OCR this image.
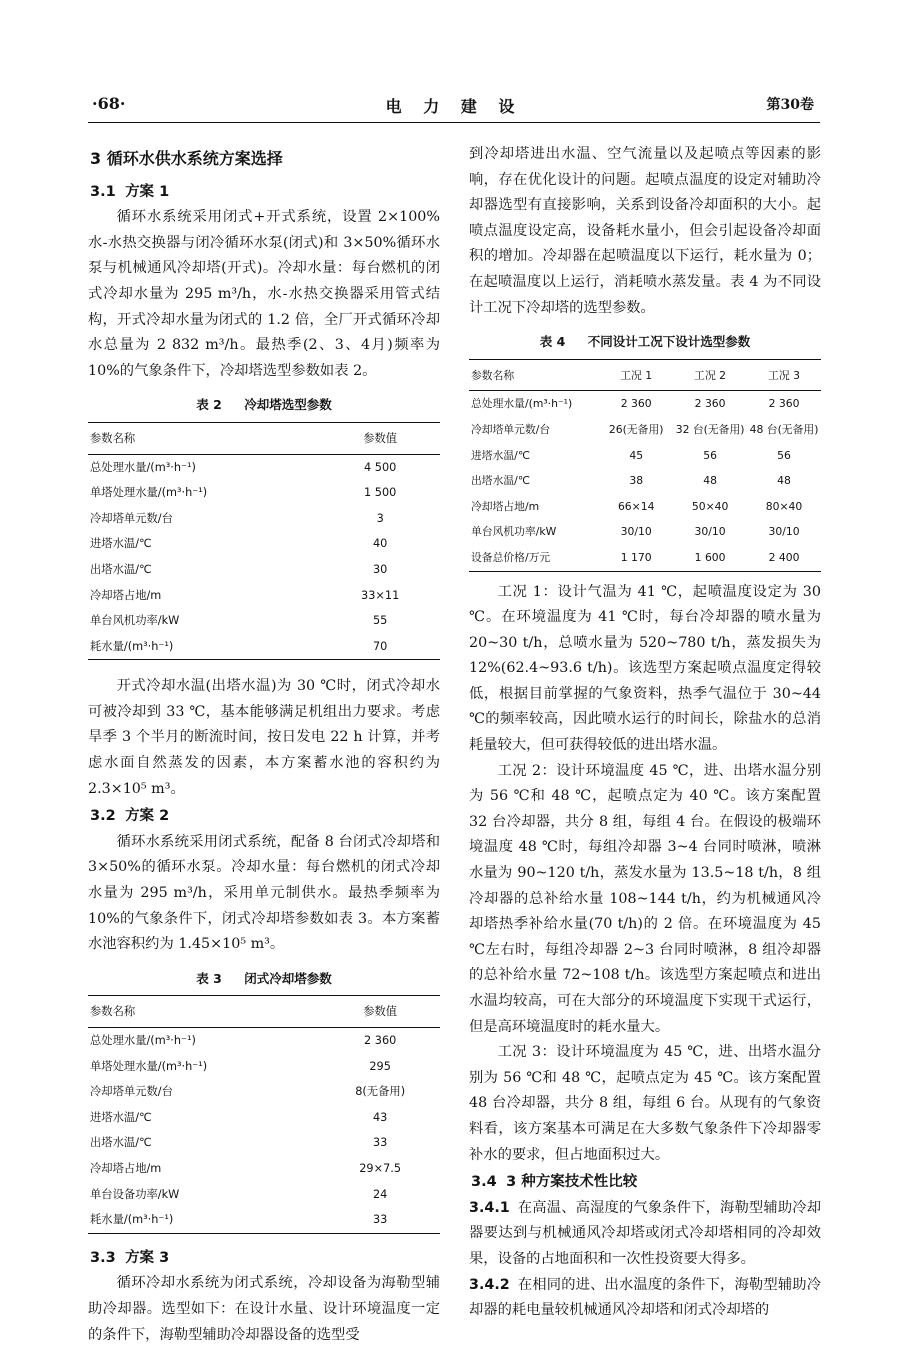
·68·	电 力 建 设	第30卷
3 循环水供水系统方案选择
3.1 方案 1

循环水系统采用闭式+开式系统，设置 2×100% 水-水热交换器与闭冷循环水泵(闭式)和 3×50%循环水泵与机械通风冷却塔(开式)。冷却水量：每台燃机的闭式冷却水量为 295 m³/h，水-水热交换器采用管式结构，开式冷却水量为闭式的 1.2 倍，全厂开式循环冷却水总量为 2 832 m³/h。最热季(2、3、4月)频率为 10%的气象条件下，冷却塔选型参数如表 2。

表 2 冷却塔选型参数
参数名称	参数值
总处理水量/(m³·h⁻¹)	4 500
单塔处理水量/(m³·h⁻¹)	1 500
冷却塔单元数/台	3
进塔水温/℃	40
出塔水温/℃	30
冷却塔占地/m	33×11
单台风机功率/kW	55
耗水量/(m³·h⁻¹)	70

开式冷却水温(出塔水温)为 30 ℃时，闭式冷却水可被冷却到 33 ℃，基本能够满足机组出力要求。考虑旱季 3 个半月的断流时间，按日发电 22 h 计算，并考虑水面自然蒸发的因素，本方案蓄水池的容积约为 2.3×10⁵ m³。

3.2 方案 2

循环水系统采用闭式系统，配备 8 台闭式冷却塔和 3×50%的循环水泵。冷却水量：每台燃机的闭式冷却水量为 295 m³/h，采用单元制供水。最热季频率为 10%的气象条件下，闭式冷却塔参数如表 3。本方案蓄水池容积约为 1.45×10⁵ m³。

表 3 闭式冷却塔参数
参数名称	参数值
总处理水量/(m³·h⁻¹)	2 360
单塔处理水量/(m³·h⁻¹)	295
冷却塔单元数/台	8(无备用)
进塔水温/℃	43
出塔水温/℃	33
冷却塔占地/m	29×7.5
单台设备功率/kW	24
耗水量/(m³·h⁻¹)	33
3.3 方案 3

循环冷却水系统为闭式系统，冷却设备为海勒型辅助冷却器。选型如下：在设计水量、设计环境温度一定的条件下，海勒型辅助冷却器设备的选型受

到冷却塔进出水温、空气流量以及起喷点等因素的影响，存在优化设计的问题。起喷点温度的设定对辅助冷却器选型有直接影响，关系到设备冷却面积的大小。起喷点温度设定高，设备耗水量小，但会引起设备冷却面积的增加。冷却器在起喷温度以下运行，耗水量为 0；在起喷温度以上运行，消耗喷水蒸发量。表 4 为不同设计工况下冷却塔的选型参数。

表 4 不同设计工况下设计选型参数
参数名称	工况 1	工况 2	工况 3
总处理水量/(m³·h⁻¹)	2 360	2 360	2 360
冷却塔单元数/台	26(无备用)	32 台(无备用)	48 台(无备用)
进塔水温/℃	45	56	56
出塔水温/℃	38	48	48
冷却塔占地/m	66×14	50×40	80×40
单台风机功率/kW	30/10	30/10	30/10
设备总价格/万元	1 170	1 600	2 400

工况 1：设计气温为 41 ℃，起喷温度设定为 30 ℃。在环境温度为 41 ℃时，每台冷却器的喷水量为 20~30 t/h，总喷水量为 520~780 t/h，蒸发损失为 12%(62.4~93.6 t/h)。该选型方案起喷点温度定得较低，根据目前掌握的气象资料，热季气温位于 30~44 ℃的频率较高，因此喷水运行的时间长，除盐水的总消耗量较大，但可获得较低的进出塔水温。

工况 2：设计环境温度 45 ℃，进、出塔水温分别为 56 ℃和 48 ℃，起喷点定为 40 ℃。该方案配置 32 台冷却器，共分 8 组，每组 4 台。在假设的极端环境温度 48 ℃时，每组冷却器 3~4 台同时喷淋，喷淋水量为 90~120 t/h，蒸发水量为 13.5~18 t/h，8 组冷却器的总补给水量 108~144 t/h，约为机械通风冷却塔热季补给水量(70 t/h)的 2 倍。在环境温度为 45 ℃左右时，每组冷却器 2~3 台同时喷淋，8 组冷却器的总补给水量 72~108 t/h。该选型方案起喷点和进出水温均较高，可在大部分的环境温度下实现干式运行，但是高环境温度时的耗水量大。

工况 3：设计环境温度为 45 ℃，进、出塔水温分别为 56 ℃和 48 ℃，起喷点定为 45 ℃。该方案配置 48 台冷却器，共分 8 组，每组 6 台。从现有的气象资料看，该方案基本可满足在大多数气象条件下冷却器零补水的要求，但占地面积过大。

3.4 3 种方案技术性比较

3.4.1 在高温、高湿度的气象条件下，海勒型辅助冷却器要达到与机械通风冷却塔或闭式冷却塔相同的冷却效果，设备的占地面积和一次性投资要大得多。

3.4.2 在相同的进、出水温度的条件下，海勒型辅助冷却器的耗电量较机械通风冷却塔和闭式冷却塔的
